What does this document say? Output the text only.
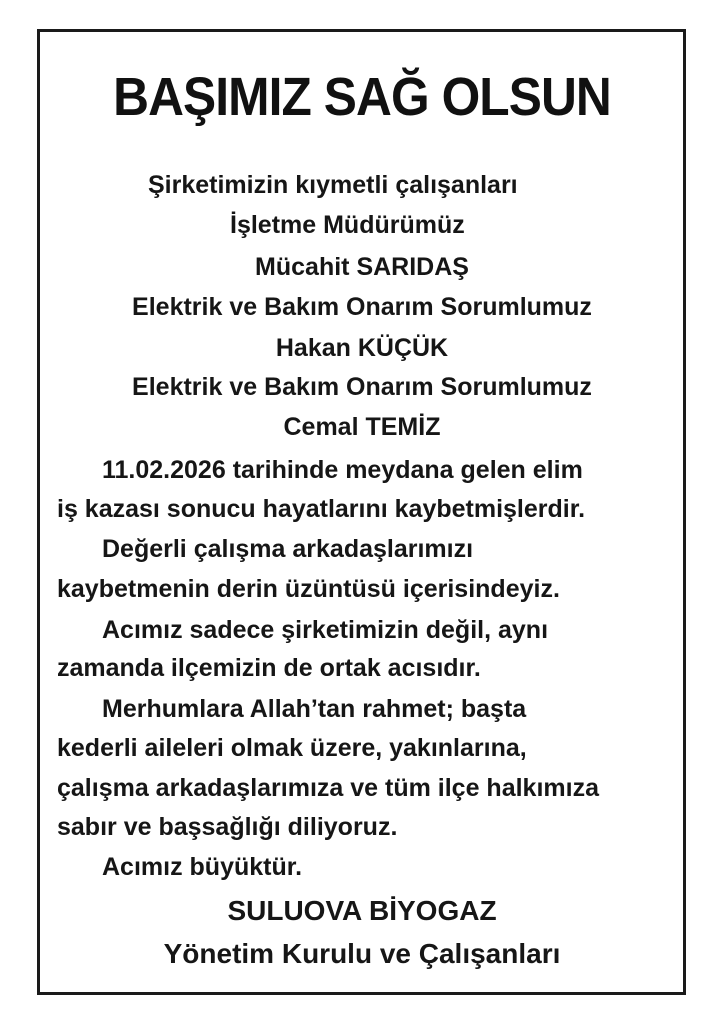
BAŞIMIZ SAĞ OLSUN
Şirketimizin kıymetli çalışanları
İşletme Müdürümüz
Mücahit SARIDAŞ
Elektrik ve Bakım Onarım Sorumlumuz
Hakan KÜÇÜK
Elektrik ve Bakım Onarım Sorumlumuz
Cemal TEMİZ
11.02.2026 tarihinde meydana gelen elim
iş kazası sonucu hayatlarını kaybetmişlerdir.
Değerli çalışma arkadaşlarımızı
kaybetmenin derin üzüntüsü içerisindeyiz.
Acımız sadece şirketimizin değil, aynı
zamanda ilçemizin de ortak acısıdır.
Merhumlara Allah’tan rahmet; başta
kederli aileleri olmak üzere, yakınlarına,
çalışma arkadaşlarımıza ve tüm ilçe halkımıza
sabır ve başsağlığı diliyoruz.
Acımız büyüktür.
SULUOVA BİYOGAZ
Yönetim Kurulu ve Çalışanları
